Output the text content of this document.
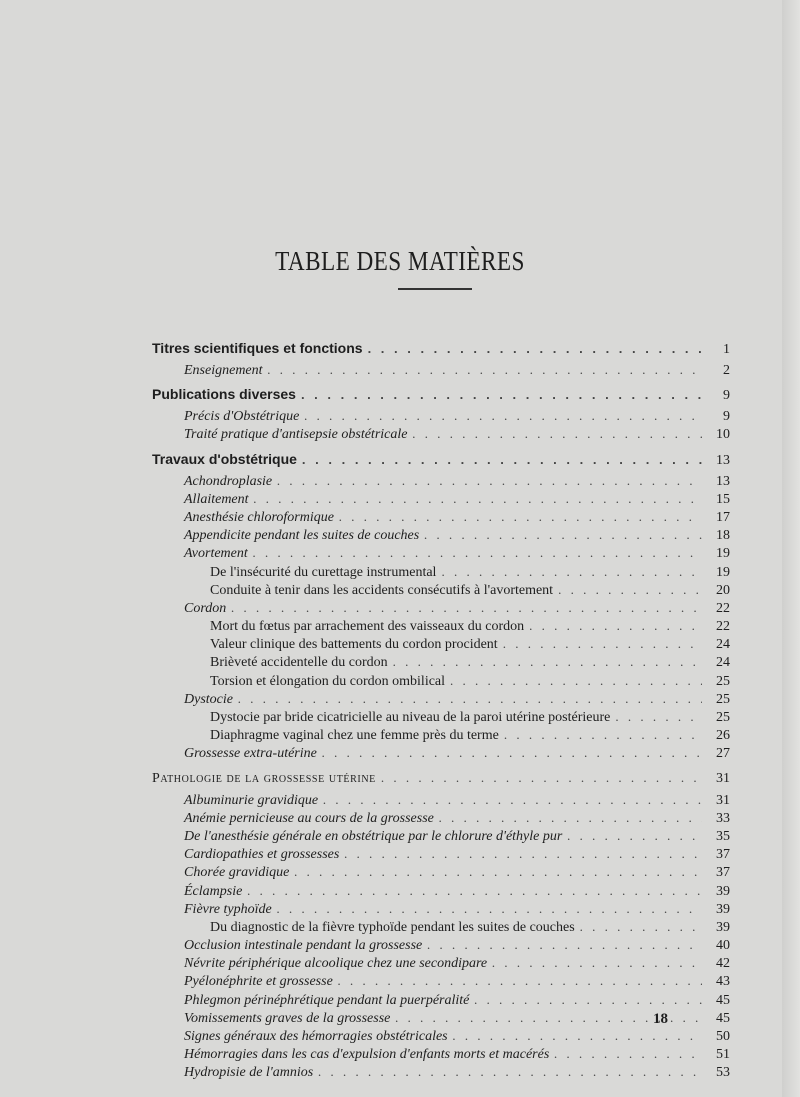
TABLE DES MATIÈRES
Titres scientifiques et fonctions . . .	1
Enseignement . . .	2
Publications diverses . . .	9
Précis d'Obstétrique . . .	9
Traité pratique d'antisepsie obstétricale . . .	10
Travaux d'obstétrique . . .	13
Achondroplasie . . .	13
Allaitement . . .	15
Anesthésie chloroformique . . .	17
Appendicite pendant les suites de couches . . .	18
Avortement . . .	19
De l'insécurité du curettage instrumental . . .	19
Conduite à tenir dans les accidents consécutifs à l'avortement . . .	20
Cordon . . .	22
Mort du fœtus par arrachement des vaisseaux du cordon . . .	22
Valeur clinique des battements du cordon procident . . .	24
Brièveté accidentelle du cordon . . .	24
Torsion et élongation du cordon ombilical . . .	25
Dystocie . . .	25
Dystocie par bride cicatricielle au niveau de la paroi utérine postérieure . . .	25
Diaphragme vaginal chez une femme près du terme . . .	26
Grossesse extra-utérine . . .	27
Pathologie de la grossesse utérine . . .	31
Albuminurie gravidique . . .	31
Anémie pernicieuse au cours de la grossesse . . .	33
De l'anesthésie générale en obstétrique par le chlorure d'éthyle pur . . .	35
Cardiopathies et grossesses . . .	37
Chorée gravidique . . .	37
Éclampsie . . .	39
Fièvre typhoïde . . .	39
Du diagnostic de la fièvre typhoïde pendant les suites de couches . . .	39
Occlusion intestinale pendant la grossesse . . .	40
Névrite périphérique alcoolique chez une secondipare . . .	42
Pyélonéphrite et grossesse . . .	43
Phlegmon périnéphrétique pendant la puerpéralité . . .	45
Vomissements graves de la grossesse . . .	45
Signes généraux des hémorragies obstétricales . . .	50
Hémorragies dans les cas d'expulsion d'enfants morts et macérés . . .	51
Hydropisie de l'amnios . . .	53
18
